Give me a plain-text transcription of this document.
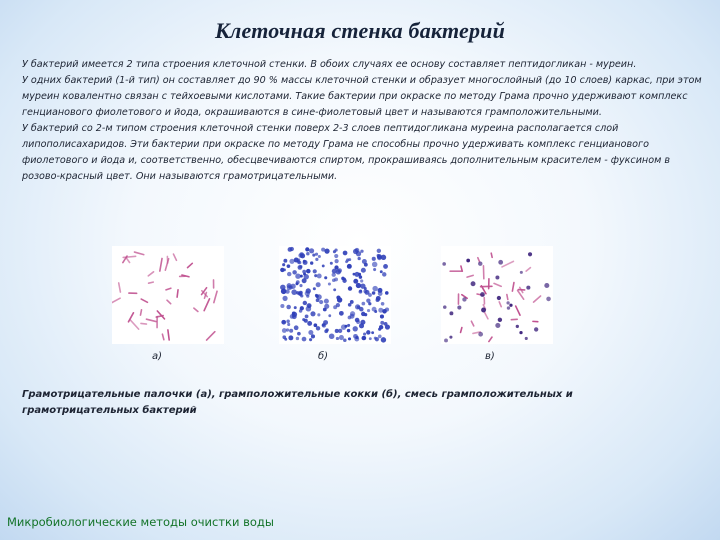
Клеточная стенка бактерий

У бактерий имеется 2 типа строения клеточной стенки. В обоих случаях ее основу составляет пептидогликан - муреин.

У одних бактерий (1-й тип) он составляет до 90 % массы клеточной стенки и образует многослойный (до 10 слоев) каркас, при этом муреин ковалентно связан с тейхоевыми кислотами. Такие бактерии при окраске по методу Грама прочно удерживают комплекс генцианового фиолетового и йода, окрашиваются в сине-фиолетовый цвет и называются грамположительными.

У бактерий со 2-м типом строения клеточной стенки поверх 2-3 слоев пептидогликана муреина располагается слой липополисахаридов. Эти бактерии при окраске по методу Грама не способны прочно удерживать комплекс генцианового фиолетового и йода и, соответственно, обесцвечиваются спиртом, прокрашиваясь дополнительным красителем - фуксином в розово-красный цвет. Они называются грамотрицательными.

а)	б)	в)
Грамотрицательные палочки (а), грамположительные кокки (б), смесь грамположительных и грамотрицательных бактерий
Микробиологические методы очистки воды
